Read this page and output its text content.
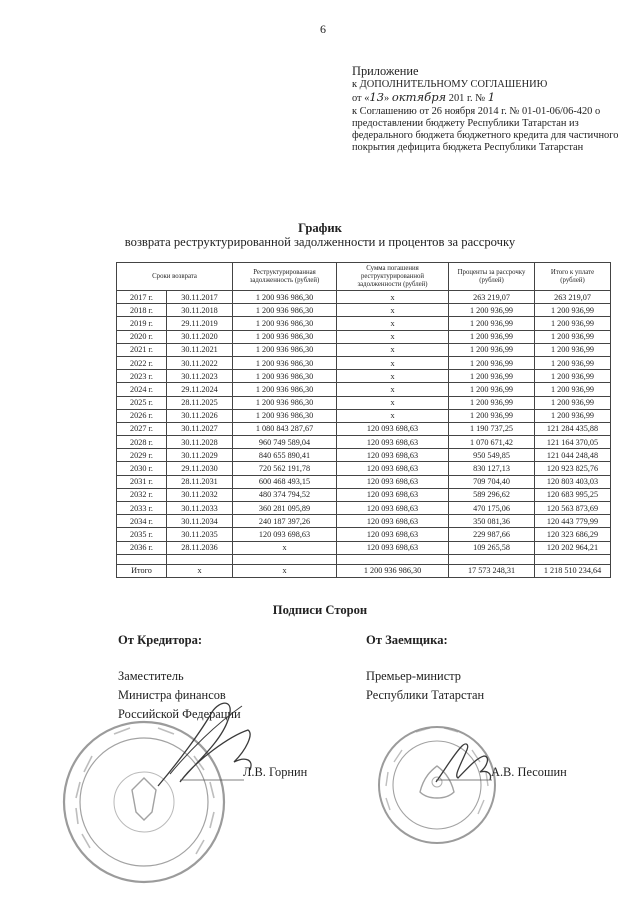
6
Приложение
к ДОПОЛНИТЕЛЬНОМУ СОГЛАШЕНИЮ
от «13» октября 201 г. № 1
к Соглашению от 26 ноября 2014 г. № 01-01-06/06-420 о предоставлении бюджету Республики Татарстан из федерального бюджета бюджетного кредита для частичного покрытия дефицита бюджета Республики Татарстан
График
возврата реструктурированной задолженности и процентов за рассрочку
Сроки возврата		Реструктурированная задолженность (рублей)	Сумма погашения реструктурированной задолженности (рублей)	Проценты за рассрочку (рублей)	Итого к уплате (рублей)
2017 г.	30.11.2017	1 200 936 986,30	x	263 219,07	263 219,07
2018 г.	30.11.2018	1 200 936 986,30	x	1 200 936,99	1 200 936,99
2019 г.	29.11.2019	1 200 936 986,30	x	1 200 936,99	1 200 936,99
2020 г.	30.11.2020	1 200 936 986,30	x	1 200 936,99	1 200 936,99
2021 г.	30.11.2021	1 200 936 986,30	x	1 200 936,99	1 200 936,99
2022 г.	30.11.2022	1 200 936 986,30	x	1 200 936,99	1 200 936,99
2023 г.	30.11.2023	1 200 936 986,30	x	1 200 936,99	1 200 936,99
2024 г.	29.11.2024	1 200 936 986,30	x	1 200 936,99	1 200 936,99
2025 г.	28.11.2025	1 200 936 986,30	x	1 200 936,99	1 200 936,99
2026 г.	30.11.2026	1 200 936 986,30	x	1 200 936,99	1 200 936,99
2027 г.	30.11.2027	1 080 843 287,67	120 093 698,63	1 190 737,25	121 284 435,88
2028 г.	30.11.2028	960 749 589,04	120 093 698,63	1 070 671,42	121 164 370,05
2029 г.	30.11.2029	840 655 890,41	120 093 698,63	950 549,85	121 044 248,48
2030 г.	29.11.2030	720 562 191,78	120 093 698,63	830 127,13	120 923 825,76
2031 г.	28.11.2031	600 468 493,15	120 093 698,63	709 704,40	120 803 403,03
2032 г.	30.11.2032	480 374 794,52	120 093 698,63	589 296,62	120 683 995,25
2033 г.	30.11.2033	360 281 095,89	120 093 698,63	470 175,06	120 563 873,69
2034 г.	30.11.2034	240 187 397,26	120 093 698,63	350 081,36	120 443 779,99
2035 г.	30.11.2035	120 093 698,63	120 093 698,63	229 987,66	120 323 686,29
2036 г.	28.11.2036	x	120 093 698,63	109 265,58	120 202 964,21

Итого	x	x	1 200 936 986,30	17 573 248,31	1 218 510 234,64
Подписи Сторон
От Кредитора:	От Заемщика:
Заместитель
Министра финансов
Российской Федерации
Премьер-министр
Республики Татарстан
Л.В. Горнин	А.В. Песошин
